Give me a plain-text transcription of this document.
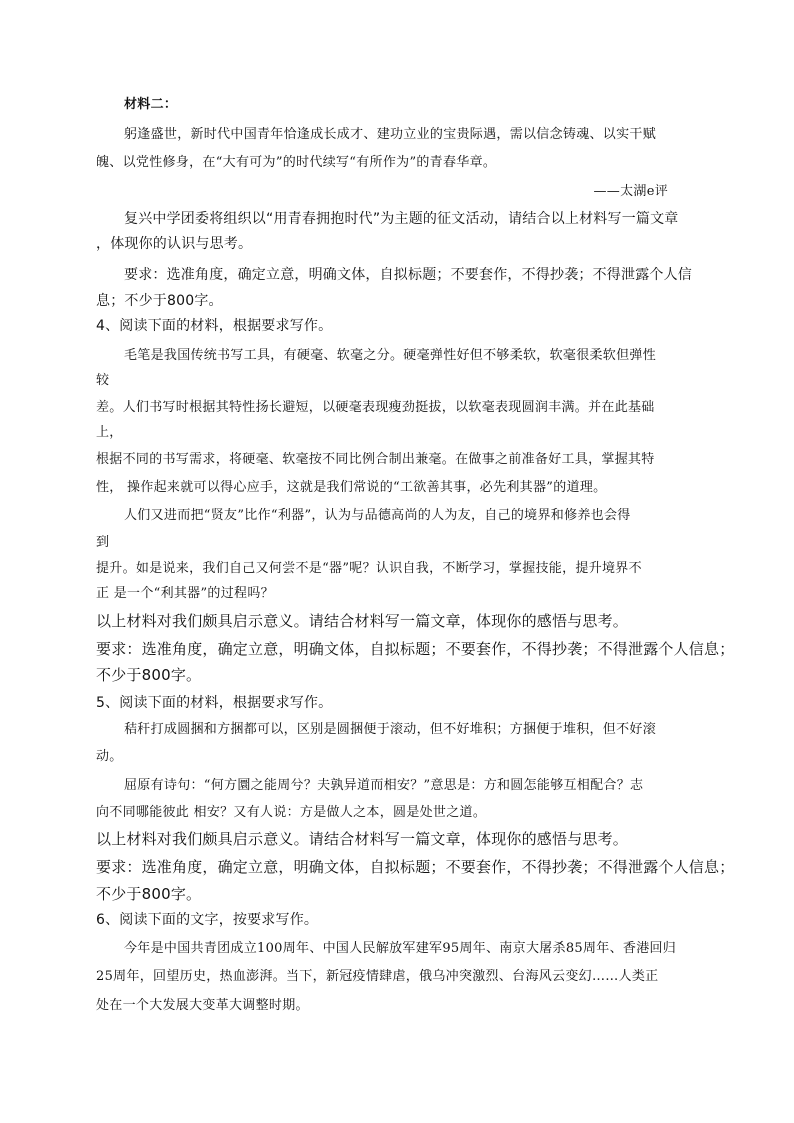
材料二：
躬逢盛世，新时代中国青年恰逢成长成才、建功立业的宝贵际遇，需以信念铸魂、以实干赋
魄、以党性修身，在“大有可为”的时代续写“有所作为”的青春华章。
——太湖e评
复兴中学团委将组织以“用青春拥抱时代”为主题的征文活动，请结合以上材料写一篇文章
，体现你的认识与思考。
要求：选准角度，确定立意，明确文体，自拟标题；不要套作，不得抄袭；不得泄露个人信
息；不少于800字。
4、阅读下面的材料，根据要求写作。
毛笔是我国传统书写工具，有硬毫、软毫之分。硬毫弹性好但不够柔软，软毫很柔软但弹性
较
差。人们书写时根据其特性扬长避短，以硬毫表现瘦劲挺拔，以软毫表现圆润丰满。并在此基础
上，
根据不同的书写需求，将硬毫、软毫按不同比例合制出兼毫。在做事之前准备好工具，掌握其特
性， 操作起来就可以得心应手，这就是我们常说的“工欲善其事，必先利其器”的道理。
人们又进而把“贤友”比作“利器”，认为与品德高尚的人为友，自己的境界和修养也会得
到
提升。如是说来，我们自己又何尝不是“器”呢？认识自我，不断学习，掌握技能，提升境界不
正 是一个“利其器”的过程吗？
以上材料对我们颇具启示意义。请结合材料写一篇文章，体现你的感悟与思考。
要求：选准角度，确定立意，明确文体，自拟标题；不要套作，不得抄袭；不得泄露个人信息；
不少于800字。
5、阅读下面的材料，根据要求写作。
秸秆打成圆捆和方捆都可以，区别是圆捆便于滚动，但不好堆积；方捆便于堆积，但不好滚
动。
屈原有诗句：“何方圜之能周兮？夫孰异道而相安？”意思是：方和圆怎能够互相配合？志
向不同哪能彼此 相安？又有人说：方是做人之本，圆是处世之道。
以上材料对我们颇具启示意义。请结合材料写一篇文章，体现你的感悟与思考。
要求：选准角度，确定立意，明确文体，自拟标题；不要套作，不得抄袭；不得泄露个人信息；
不少于800字。
6、阅读下面的文字，按要求写作。
今年是中国共青团成立100周年、中国人民解放军建军95周年、南京大屠杀85周年、香港回归
25周年，回望历史，热血澎湃。当下，新冠疫情肆虐，俄乌冲突激烈、台海风云变幻……人类正
处在一个大发展大变革大调整时期。
